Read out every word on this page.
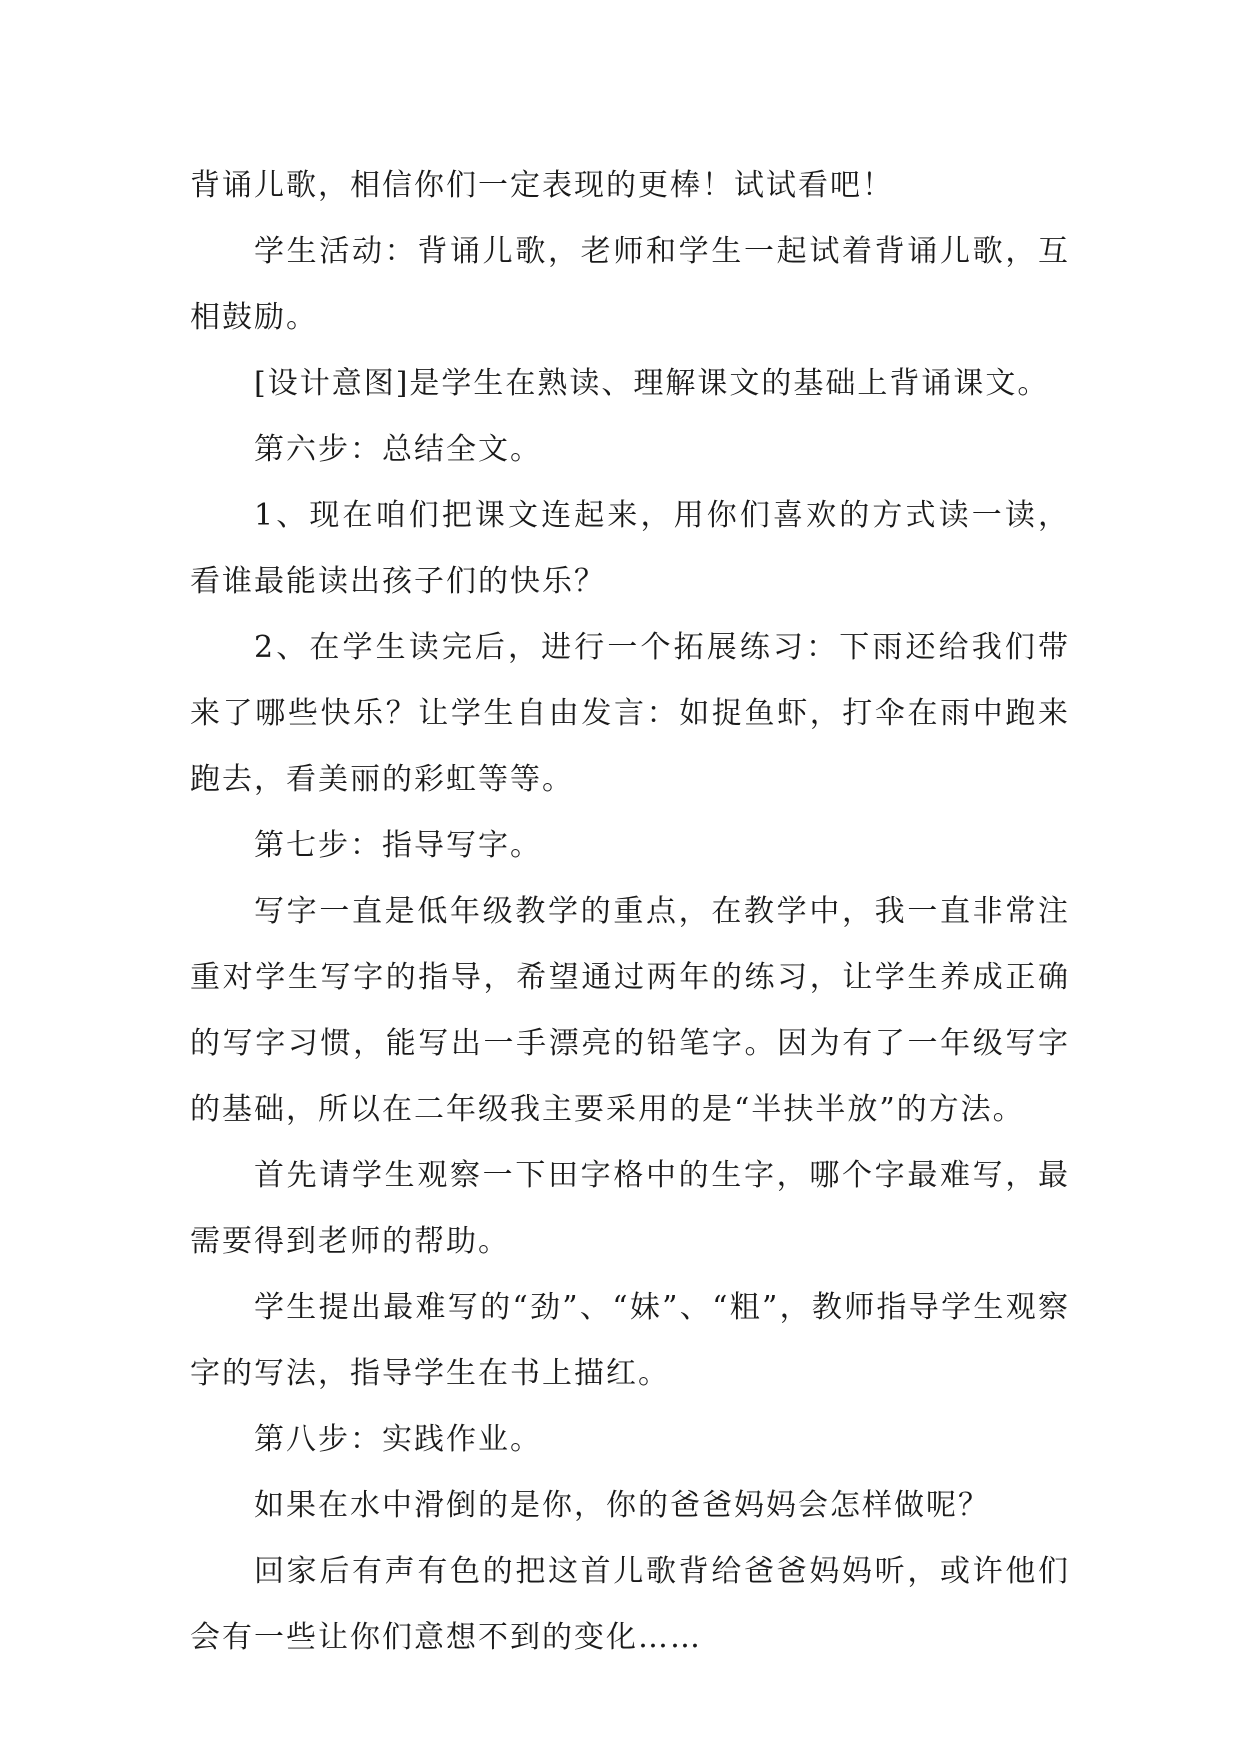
背诵儿歌，相信你们一定表现的更棒！试试看吧！

学生活动：背诵儿歌，老师和学生一起试着背诵儿歌，互相鼓励。

[设计意图]是学生在熟读、理解课文的基础上背诵课文。

第六步：总结全文。

1、现在咱们把课文连起来，用你们喜欢的方式读一读，看谁最能读出孩子们的快乐？

2、在学生读完后，进行一个拓展练习：下雨还给我们带来了哪些快乐？让学生自由发言：如捉鱼虾，打伞在雨中跑来跑去，看美丽的彩虹等等。

第七步：指导写字。

写字一直是低年级教学的重点，在教学中，我一直非常注重对学生写字的指导，希望通过两年的练习，让学生养成正确的写字习惯，能写出一手漂亮的铅笔字。因为有了一年级写字的基础，所以在二年级我主要采用的是“半扶半放”的方法。

首先请学生观察一下田字格中的生字，哪个字最难写，最需要得到老师的帮助。

学生提出最难写的“劲”、“妹”、“粗”，教师指导学生观察字的写法，指导学生在书上描红。

第八步：实践作业。

如果在水中滑倒的是你，你的爸爸妈妈会怎样做呢？

回家后有声有色的把这首儿歌背给爸爸妈妈听，或许他们会有一些让你们意想不到的变化……
